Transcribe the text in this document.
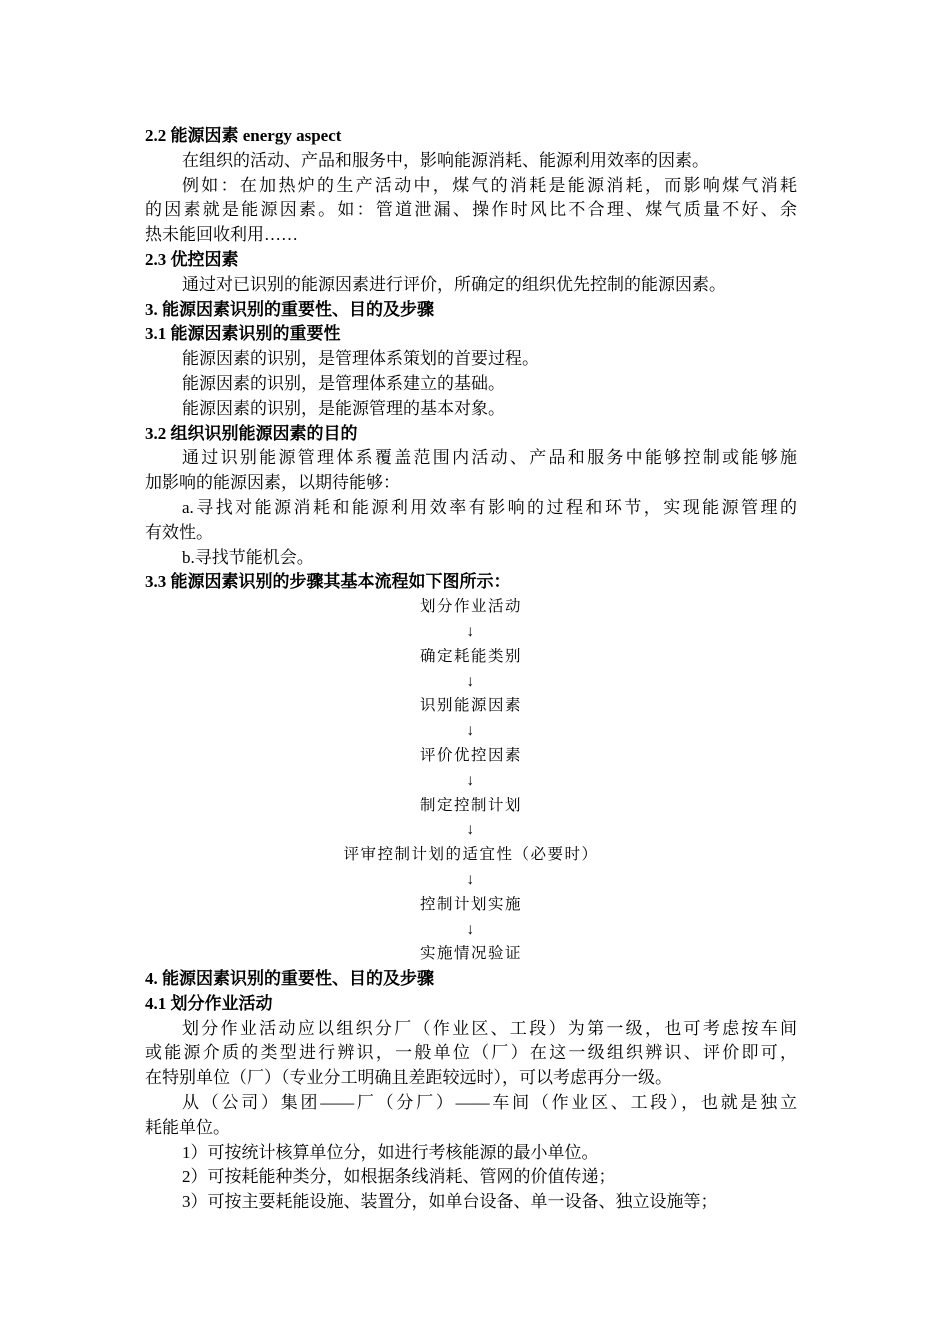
2.2 能源因素 energy aspect
在组织的活动、产品和服务中，影响能源消耗、能源利用效率的因素。
例如：在加热炉的生产活动中，煤气的消耗是能源消耗，而影响煤气消耗
的因素就是能源因素。如：管道泄漏、操作时风比不合理、煤气质量不好、余
热未能回收利用……
2.3 优控因素
通过对已识别的能源因素进行评价，所确定的组织优先控制的能源因素。
3. 能源因素识别的重要性、目的及步骤
3.1 能源因素识别的重要性
能源因素的识别，是管理体系策划的首要过程。
能源因素的识别，是管理体系建立的基础。
能源因素的识别，是能源管理的基本对象。
3.2 组织识别能源因素的目的
通过识别能源管理体系覆盖范围内活动、产品和服务中能够控制或能够施
加影响的能源因素，以期待能够：
a.寻找对能源消耗和能源利用效率有影响的过程和环节，实现能源管理的
有效性。
b.寻找节能机会。
3.3 能源因素识别的步骤其基本流程如下图所示：
划分作业活动
↓
确定耗能类别
↓
识别能源因素
↓
评价优控因素
↓
制定控制计划
↓
评审控制计划的适宜性（必要时）
↓
控制计划实施
↓
实施情况验证
4. 能源因素识别的重要性、目的及步骤
4.1 划分作业活动
划分作业活动应以组织分厂（作业区、工段）为第一级，也可考虑按车间
或能源介质的类型进行辨识，一般单位（厂）在这一级组织辨识、评价即可，
在特别单位（厂）（专业分工明确且差距较远时），可以考虑再分一级。
从（公司）集团——厂（分厂）——车间（作业区、工段），也就是独立
耗能单位。
1）可按统计核算单位分，如进行考核能源的最小单位。
2）可按耗能种类分，如根据条线消耗、管网的价值传递；
3）可按主要耗能设施、装置分，如单台设备、单一设备、独立设施等；
